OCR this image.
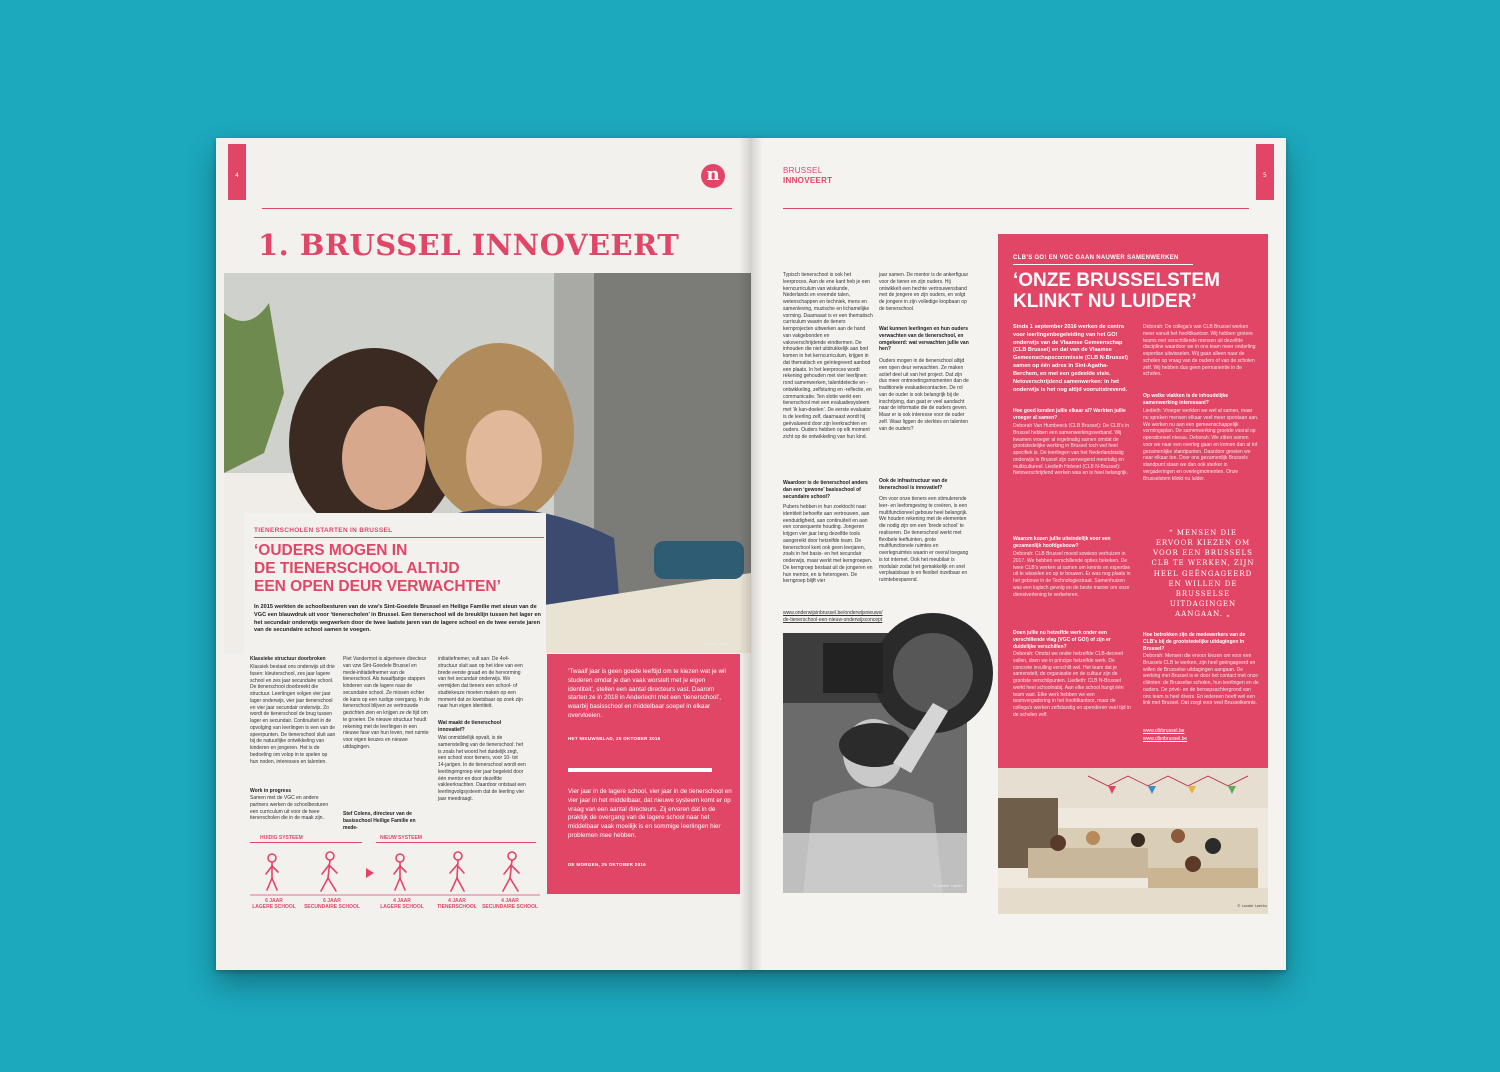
4	n
1. BRUSSEL INNOVEERT
© Lander Loeckx
TIENERSCHOLEN STARTEN IN BRUSSEL
‘OUDERS MOGEN IN
DE TIENERSCHOOL ALTIJD
EEN OPEN DEUR VERWACHTEN’
In 2015 werkten de schoolbesturen van de vzw’s Sint-Goedele Brussel en Heilige Familie met steun van de VGC een blauwdruk uit voor ‘tienerscholen’ in Brussel. Een tienerschool wil de breuklijn tussen het lager en het secundair onderwijs wegwerken door de twee laatste jaren van de lagere school en de twee eerste jaren van de secundaire school samen te voegen.
Klassieke structuur doorbroken
Klassiek bestaat ons onderwijs uit drie fasen: kleuterschool, zes jaar lagere school en zes jaar secundaire school. De tienerschool doorbreekt die structuur. Leerlingen volgen vier jaar lager onderwijs, vier jaar tienerschool en vier jaar secundair onderwijs. Zo wordt de tienerschool de brug tussen lager en secundair. Continuïteit in de opvolging van leerlingen is een van de speerpunten. De tienerschool sluit aan bij de natuurlijke ontwikkeling van kinderen en jongeren. Het is de bedoeling om volop in te spelen op hun noden, interesses en talenten.
Work in progress
Samen met de VGC en andere partners werken de schoolbesturen een curriculum uit voor de twee tienerscholen die in de maak zijn.
Piet Vandermot is algemeen directeur van vzw Sint-Goedele Brussel en mede-initiatiefnemer van de tienerschool. Als twaalfjarige stappen kinderen van de lagere naar de secundaire school. Ze missen echter de kans op een rustige overgang. In de tienerschool blijven ze vertrouwde gezichten zien en krijgen ze de tijd om te groeien. De nieuwe structuur houdt rekening met de leerlingen in een nieuwe fase van hun leven, met ruimte voor eigen keuzes en nieuwe uitdagingen.
Stef Colens, directeur van de basisschool Heilige Familie en mede-
initiatiefnemer, vult aan: De 4x4-structuur sluit aan op het idee van een brede eerste graad en de hervorming van het secundair onderwijs. We vermijden dat tieners een school- of studiekeuze moeten maken op een moment dat ze kwetsbaar op zoek zijn naar hun eigen identiteit.
Wat maakt de tienerschool innovatief?
Wat onmiddellijk opvalt, is de samenstelling van de tienerschool: het is zoals het woord het duidelijk zegt, een school voor tieners, voor 10- tot 14-jarigen. In de tienerschool wordt een leerlingengroep vier jaar begeleid door één mentor en door dezelfde vakleerkrachten. Daardoor ontstaat een leerlingvolgsysteem dat de leerling vier jaar meedraagt.
HUIDIG SYSTEEM	NIEUW SYSTEEM
6 JAAR
LAGERE SCHOOL
6 JAAR
SECUNDAIRE SCHOOL
4 JAAR
LAGERE SCHOOL
4 JAAR
TIENERSCHOOL
4 JAAR
SECUNDAIRE SCHOOL
‘Twaalf jaar is geen goede leeftijd om te kiezen wat je wil studeren omdat je dan vaak worstelt met je eigen identiteit’, stellen een aantal directeurs vast. Daarom starten ze in 2018 in Anderlecht met een ‘tienerschool’, waarbij basisschool en middelbaar soepel in elkaar overvloeien.
HET NIEUWSBLAD, 25 OKTOBER 2016
Vier jaar in de lagere school, vier jaar in de tienerschool en vier jaar in het middelbaar, dat nieuwe systeem komt er op vraag van een aantal directeurs. Zij ervaren dat in de praktijk de overgang van de lagere school naar het middelbaar vaak moeilijk is en sommige leerlingen hier problemen mee hebben.
DE MORGEN, 25 OKTOBER 2016
5
BRUSSEL
INNOVEERT
Typisch tienerschool is ook het leerproces. Aan de ene kant heb je een kerncurriculum van wiskunde, Nederlands en vreemde talen, wetenschappen en techniek, mens en samenleving, muzische en lichamelijke vorming. Daarnaast is er een thematisch curriculum waarin de tieners kernprojecten uitwerken aan de hand van vakgebonden en vakoverschrijdende eindtermen. De inhouden die niet uitdrukkelijk aan bod komen in het kerncurriculum, krijgen in dat thematisch en geïntegreerd aanbod een plaats. In het leerproces wordt rekening gehouden met vier leerlijnen: rond samenwerken, talentdetectie en -ontwikkeling, zelfsturing en -reflectie, en communicatie. Ten slotte werkt een tienerschool met een evaluatiesysteem met ‘ik kan-doelen’. De eerste evaluator is de leerling zelf, daarnaast wordt hij geëvalueerd door zijn leerkrachten en ouders. Ouders hebben op elk moment zicht op de ontwikkeling van hun kind.
Waardoor is de tienerschool anders dan een ‘gewone’ basisschool of secundaire school?
Pubers hebben in hun zoektocht naar identiteit behoefte aan vertrouwen, aan eenduidigheid, aan continuïteit en aan een consequente houding. Jongeren krijgen vier jaar lang dezelfde tools aangereikt door hetzelfde team. De tienerschool kent ook geen leerjaren, zoals in het basis- en het secundair onderwijs, maar werkt met kerngroepen. De kerngroep bestaat uit de jongeren en hun mentor, en is heterogeen. De kerngroep blijft vier
www.onderwijsinbrussel.be/onderwijsnieuws/
de-tienerschool-een-nieuw-onderwijsconcept
jaar samen. De mentor is de ankerfiguur voor de tiener en zijn ouders. Hij ontwikkelt een hechte vertrouwensband met de jongere en zijn ouders, en volgt de jongere in zijn volledige loopbaan op de tienerschool.
Wat kunnen leerlingen en hun ouders verwachten van de tienerschool, en omgekeerd: wat verwachten jullie van hen?
Ouders mogen in de tienerschool altijd een open deur verwachten. Ze maken actief deel uit van het project. Dat zijn dus meer ontmoetingsmomenten dan de traditionele evaluatiecontacten. De rol van de ouder is ook belangrijk bij de inschrijving, dan gaat er veel aandacht naar de informatie die de ouders geven. Maar er is ook interesse voor de ouder zelf. Waar liggen de sterktes en talenten van de ouders?
Ook de infrastructuur van de tienerschool is innovatief?
Om voor onze tieners een stimulerende leer- en leefomgeving te creëren, is een multifunctioneel gebouw heel belangrijk. We houden rekening met de elementen die nodig zijn om een ‘brede school’ te realiseren. De tienerschool werkt met flexibele leeftuinten, grote multifunctionele ruimtes en overlegruimtes waarin er overal toegang is tot internet. Ook het meubilair is modulair zodat het gemakkelijk en snel verplaatsbaar is en flexibel inzetbaar en ruimtebesparend.
© Lander Loeckx
CLB’S GO! EN VGC GAAN NAUWER SAMENWERKEN
‘ONZE BRUSSELSTEM
KLINKT NU LUIDER’
Sinds 1 september 2016 werken de centra voor leerlingenbegeleiding van het GO! onderwijs van de Vlaamse Gemeenschap (CLB Brussel) en dat van de Vlaamse Gemeenschapscommissie (CLB N-Brussel) samen op één adres in Sint-Agatha-Berchem, en met een gedeelde visie. Netoverschrijdend samenwerken: in het onderwijs is het nog altijd vooruitstrevend.
Hoe goed kenden jullie elkaar al? Werkten jullie vroeger al samen?
Deborah Van Humbeeck (CLB Brussel): De CLB’s in Brussel hebben een samenwerkingsverband. Wij kwamen vroeger al regelmatig samen omdat de grootstedelijke werking in Brussel toch wel heel specifiek is. De leerlingen van het Nederlandstalig onderwijs in Brussel zijn overwegend meertalig en multicultureel. Liedieth Holvoet (CLB N-Brussel): Netoverschrijdend werken was en is heel belangrijk.
Waarom kozen jullie uiteindelijk voor een gezamenlijk hoofdgebouw?
Deborah: CLB Brussel moest sowieso verhuizen in 2017. We hebben verschillende opties bekeken. De twee CLB’s werken al samen om kennis en expertise uit te wisselen en op te bouwen. Er was nog plaats in het gebouw in de Technologiestraat. Samenhuizen was een logisch gevolg en de beste manier om onze dienstverlening te verbeteren.
Doen jullie nu hetzelfde werk onder een verschillende vlag (VGC of GO!) of zijn er duidelijke verschillen?
Deborah: Omdat we onder hetzelfde CLB-decreet vallen, doen we in principe hetzelfde werk. De concrete invulling verschilt wel. Het team dat je samenstelt, de organisatie en de cultuur zijn de grootste verschilpunten. Liedieth: CLB N-Brussel werkt heel schoolnabij. Aan elke school hangt één team vast. Elke werk hebben we een teamvergadering in het hoofdkantoor, maar de collega’s werken zelfstandig en spenderen veel tijd in de scholen zelf.
Deborah: De collega’s van CLB Brussel werken meer vanuit het hoofdkantoor. Wij hebben grotere teams met verschillende mensen uit dezelfde discipline waardoor we in ons team meer onderling expertise uitwisselen. Wij gaan alleen naar de scholen op vraag van de ouders of van de scholen zelf. Wij hebben dus geen permanentie in de scholen.
Op welke vlakken is de inhoudelijke samenwerking interessant?
Liedieth: Vroeger werkten we wel al samen, maar nu spreken mensen elkaar veel meer spontaan aan. We werken nu aan een gemeenschappelijk vormingsplan. De samenwerking groeide vooral op operationeel niveau. Deborah: We zitten samen voor we naar een overleg gaan en komen dan al tot gezamenlijke standpunten. Daardoor groeien we naar elkaar toe. Door ons gezamenlijk Brussels standpunt staan we dan ook sterker in vergaderingen en overlegmomenten. Onze Brusselstem klinkt nu luider.
“ MENSEN DIE ERVOOR KIEZEN OM VOOR EEN BRUSSELS CLB TE WERKEN, ZIJN HEEL GEËNGAGEERD EN WILLEN DE BRUSSELSE UITDAGINGEN AANGAAN. „
Hoe betrokken zijn de medewerkers van de CLB’s bij de grootstedelijke uitdagingen in Brussel?
Deborah: Mensen die ervoor kiezen om voor een Brussels CLB te werken, zijn heel geëngageerd en willen de Brusselse uitdagingen aangaan. De werking met Brussel is er door het contact met onze cliënten: de Brusselse scholen, hun leerlingen en de ouders. De privé- en de beroepsachtergrond van ons team is heel divers. En iedereen heeft wel een link met Brussel. Dat zorgt voor veel Brusselkennis.
www.clbbrussel.be
www.clbnbrussel.be
© Lander Loeckx
